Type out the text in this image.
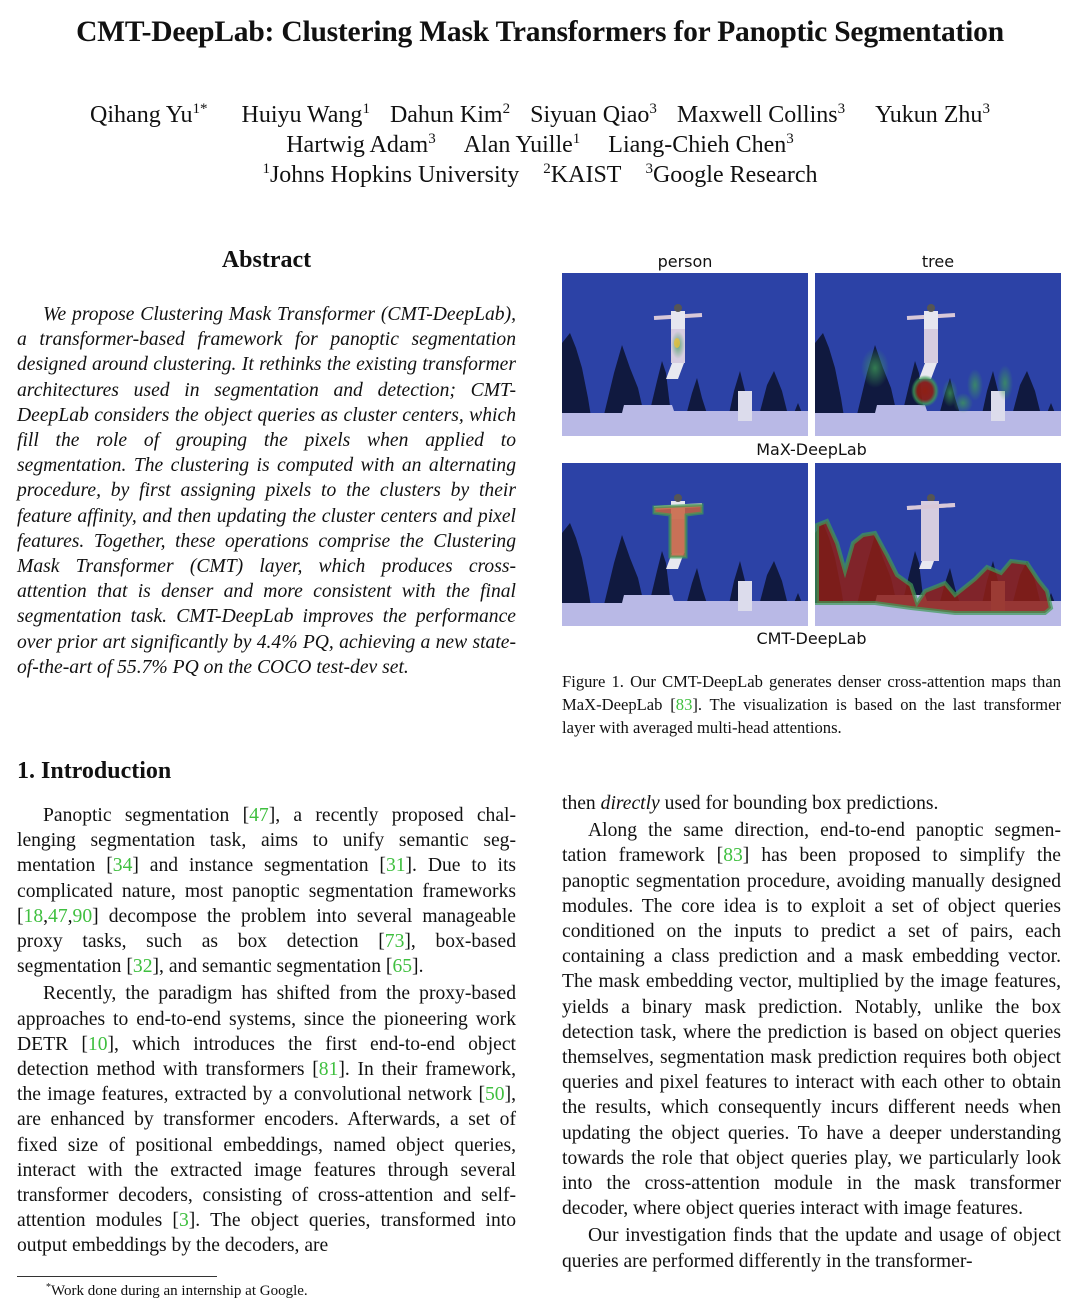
CMT-DeepLab: Clustering Mask Transformers for Panoptic Segmentation
Qihang $Yu^{1*}$ Huiyu Wang$^1$ Dahun Kim$^2$ Siyuan Qiao$^3$ Maxwell Collins$^3$ Yukun Zhu$^3$
Hartwig Adam$^3$ Alan Yuille$^1$ Liang-Chieh Chen$^3$
$^1$Johns Hopkins University $^2$KAIST $^3$Google Research
Abstract
We propose Clustering Mask Transformer (CMT-DeepLab), a transformer-based framework for panoptic segmentation designed around clustering. It rethinks the existing transformer architectures used in segmentation and detection; CMT-DeepLab considers the object queries as cluster centers, which fill the role of grouping the pixels when applied to segmentation. The clustering is computed with an alternating procedure, by first assigning pixels to the clusters by their feature affinity, and then updating the cluster centers and pixel features. Together, these operations comprise the Clustering Mask Transformer (CMT) layer, which produces cross-attention that is denser and more consistent with the final segmentation task. CMT-DeepLab improves the performance over prior art significantly by 4.4% PQ, achieving a new state-of-the-art of 55.7% PQ on the COCO test-dev set.
person	tree
MaX-DeepLab
CMT-DeepLab
Figure 1. Our CMT-DeepLab generates denser cross-attention maps than MaX-DeepLab [83]. The visualization is based on the last transformer layer with averaged multi-head attentions.
1. Introduction

Panoptic segmentation [47], a recently proposed challenging segmentation task, aims to unify semantic segmentation [34] and instance segmentation [31]. Due to its complicated nature, most panoptic segmentation frameworks [18,47,90] decompose the problem into several manageable proxy tasks, such as box detection [73], box-based segmentation [32], and semantic segmentation [65].

Recently, the paradigm has shifted from the proxy-based approaches to end-to-end systems, since the pioneering work DETR [10], which introduces the first end-to-end object detection method with transformers [81]. In their framework, the image features, extracted by a convolutional network [50], are enhanced by transformer encoders. Afterwards, a set of fixed size of positional embeddings, named object queries, interact with the extracted image features through several transformer decoders, consisting of cross-attention and self-attention modules [3]. The object queries, transformed into output embeddings by the decoders, are

then directly used for bounding box predictions.

Along the same direction, end-to-end panoptic segmentation framework [83] has been proposed to simplify the panoptic segmentation procedure, avoiding manually designed modules. The core idea is to exploit a set of object queries conditioned on the inputs to predict a set of pairs, each containing a class prediction and a mask embedding vector. The mask embedding vector, multiplied by the image features, yields a binary mask prediction. Notably, unlike the box detection task, where the prediction is based on object queries themselves, segmentation mask prediction requires both object queries and pixel features to interact with each other to obtain the results, which consequently incurs different needs when updating the object queries. To have a deeper understanding towards the role that object queries play, we particularly look into the cross-attention module in the mask transformer decoder, where object queries interact with image features.

Our investigation finds that the update and usage of object queries are performed differently in the transformer-

*Work done during an internship at Google.
